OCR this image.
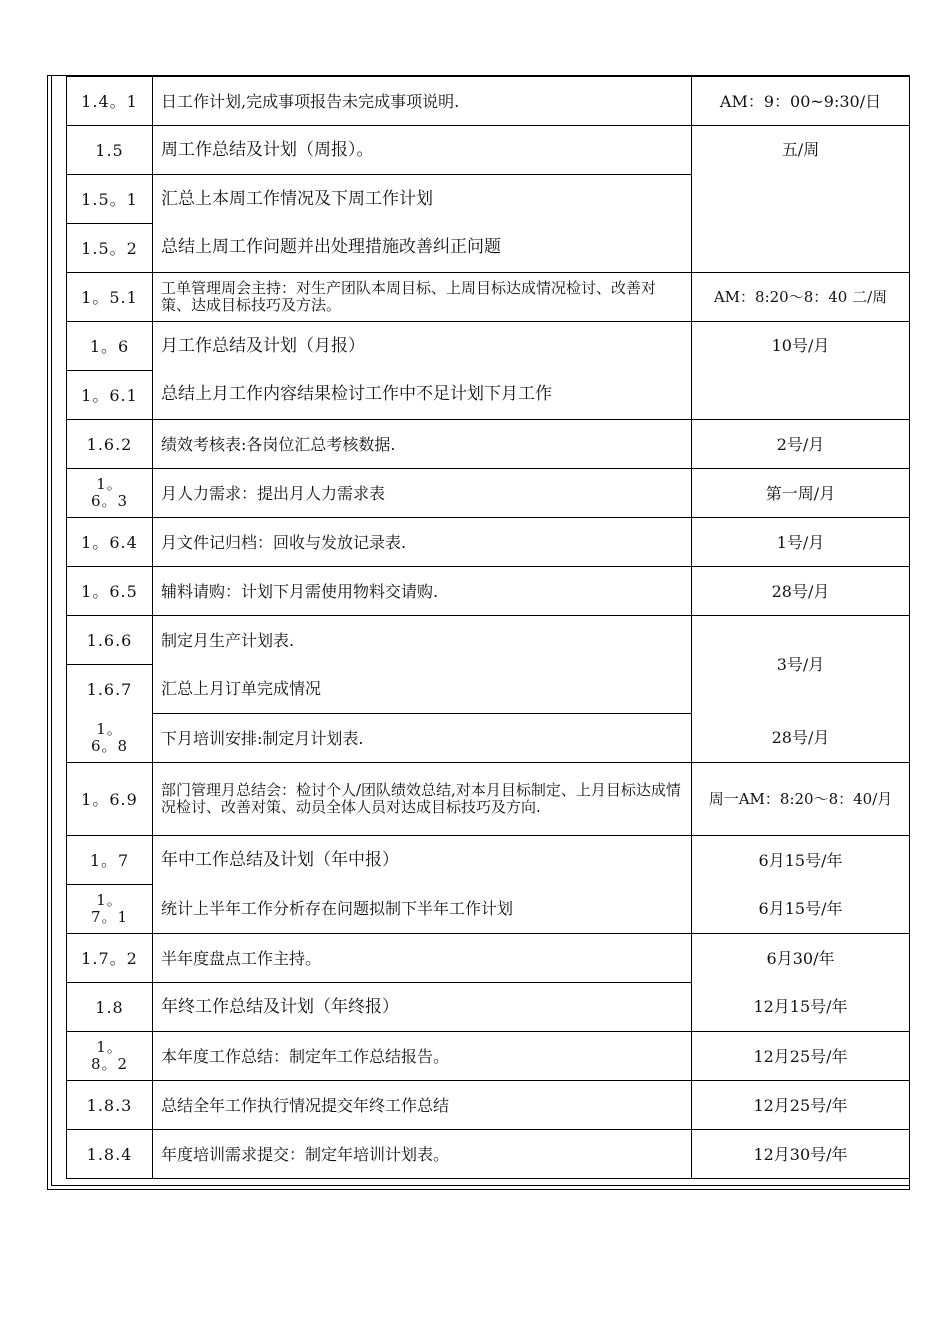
1.4。1	日工作计划,完成事项报告未完成事项说明.	AM：9：00~9:30/日
1.5	周工作总结及计划（周报）。	五/周
1.5。1	汇总上本周工作情况及下周工作计划	
1.5。2	总结上周工作问题并出处理措施改善纠正问题	
1。5.1	工单管理周会主持：对生产团队本周目标、上周目标达成情况检讨、改善对策、达成目标技巧及方法。	AM：8:20～8：40 二/周
1。6	月工作总结及计划（月报）	10号/月
1。6.1	总结上月工作内容结果检讨工作中不足计划下月工作	
1.6.2	绩效考核表:各岗位汇总考核数据.	2号/月
1。6。3	月人力需求：提出月人力需求表	第一周/月
1。6.4	月文件记归档：回收与发放记录表.	1号/月
1。6.5	辅料请购：计划下月需使用物料交请购.	28号/月
1.6.6	制定月生产计划表.	3号/月
1.6.7	汇总上月订单完成情况	
1。6。8	下月培训安排:制定月计划表.	28号/月
1。6.9	部门管理月总结会：检讨个人/团队绩效总结,对本月目标制定、上月目标达成情况检讨、改善对策、动员全体人员对达成目标技巧及方向.	周一AM：8:20～8：40/月
1。7	年中工作总结及计划（年中报）	6月15号/年
1。7。1	统计上半年工作分析存在问题拟制下半年工作计划	6月15号/年
1.7。2	半年度盘点工作主持。	6月30/年
1.8	年终工作总结及计划（年终报）	12月15号/年
1。8。2	本年度工作总结：制定年工作总结报告。	12月25号/年
1.8.3	总结全年工作执行情况提交年终工作总结	12月25号/年
1.8.4	年度培训需求提交：制定年培训计划表。	12月30号/年
